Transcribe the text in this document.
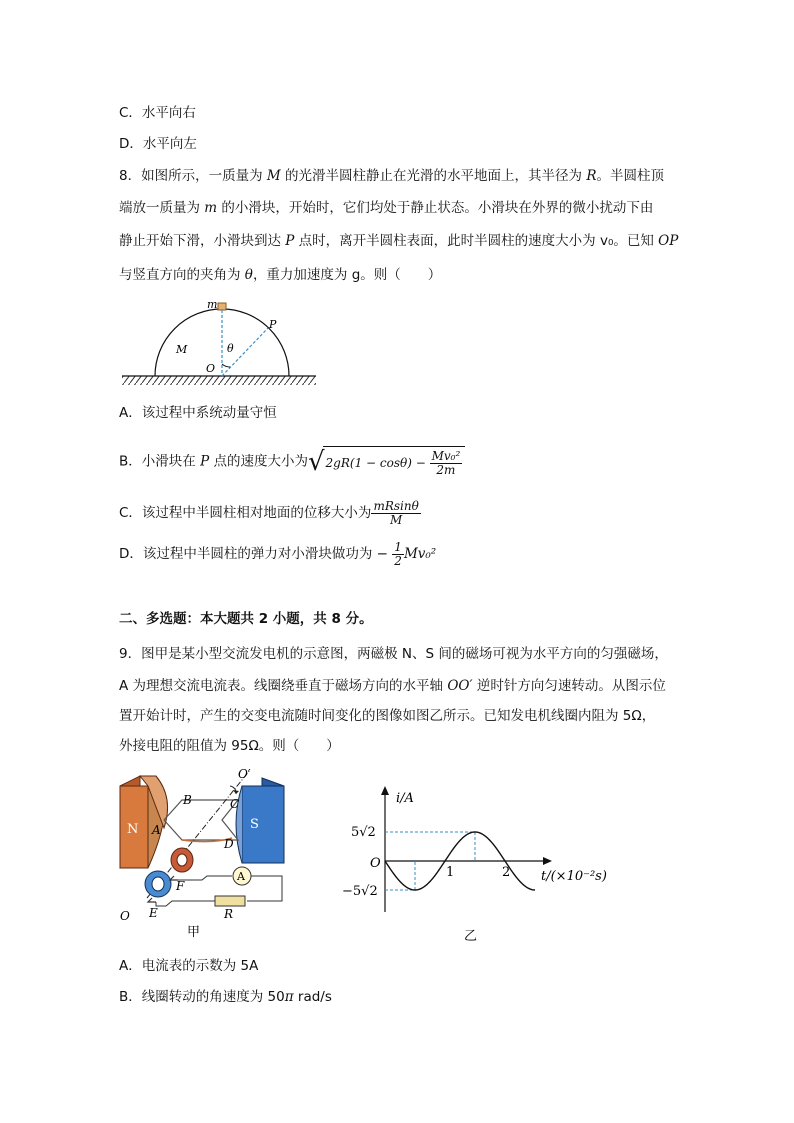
C．水平向右
D．水平向左
8．如图所示，一质量为 M 的光滑半圆柱静止在光滑的水平地面上，其半径为 R。半圆柱顶
端放一质量为 m 的小滑块，开始时，它们均处于静止状态。小滑块在外界的微小扰动下由
静止开始下滑，小滑块到达 P 点时，离开半圆柱表面，此时半圆柱的速度大小为 v₀。已知 OP
与竖直方向的夹角为 θ，重力加速度为 g。则（　　）
m
P
M	θ
O
A．该过程中系统动量守恒
B．小滑块在 P 点的速度大小为$√2gR(1 - \cos\theta) - \frac{\text{Mv₀²}}{2m}$
C．该过程中半圆柱相对地面的位移大小为 $\frac{mRsin\theta}{M}$
D．该过程中半圆柱的弹力对小滑块做功为 − $\frac{1}{2} Mv_0^2$
二、多选题：本大题共 2 小题，共 8 分。
9．图甲是某小型交流发电机的示意图，两磁极 N、S 间的磁场可视为水平方向的匀强磁场，
A 为理想交流电流表。线圈绕垂直于磁场方向的水平轴 OO′ 逆时针方向匀速转动。从图示位
置开始计时，产生的交变电流随时间变化的图像如图乙所示。已知发电机线圈内阻为 5Ω，
外接电阻的阻值为 95Ω。则（　　）
N	S
A
B	C
A
D
F
E	R
O
O′
甲
i/A
t/(×10⁻²s)
O
5√2
−5√2
1	2
乙
A．电流表的示数为 5A
B．线圈转动的角速度为 50π rad/s
